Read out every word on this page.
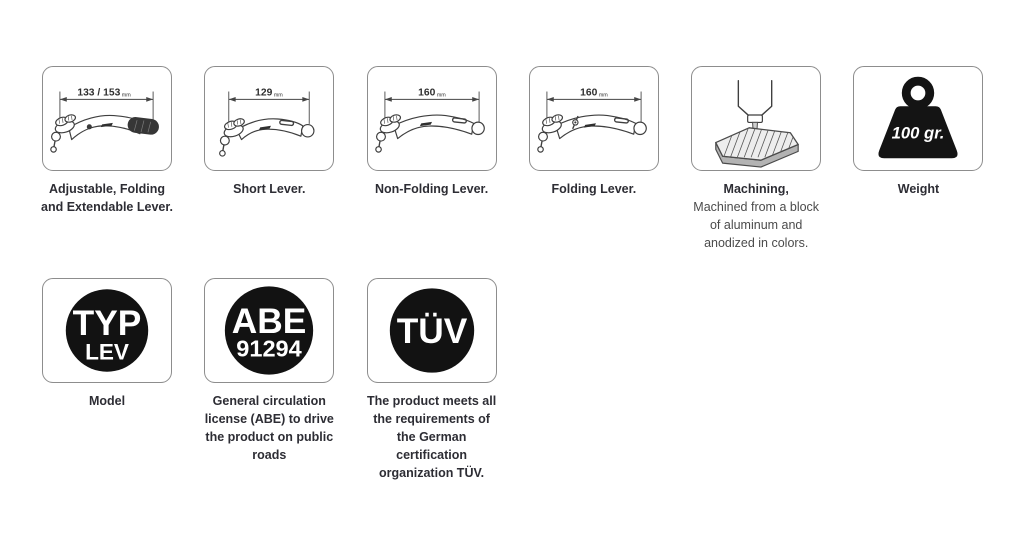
133 / 153mm
Adjustable, Folding
and Extendable Lever.
129mm
Short Lever.
160mm
Non-Folding Lever.
160mm
Folding Lever.	Machining,
Machined from a block
of aluminum and
anodized in colors.
100 gr.
Weight
TYP
LEV
Model
ABE
91294
General circulation
license (ABE) to drive
the product on public
roads
TÜV
The product meets all
the requirements of
the German
certification
organization TÜV.
